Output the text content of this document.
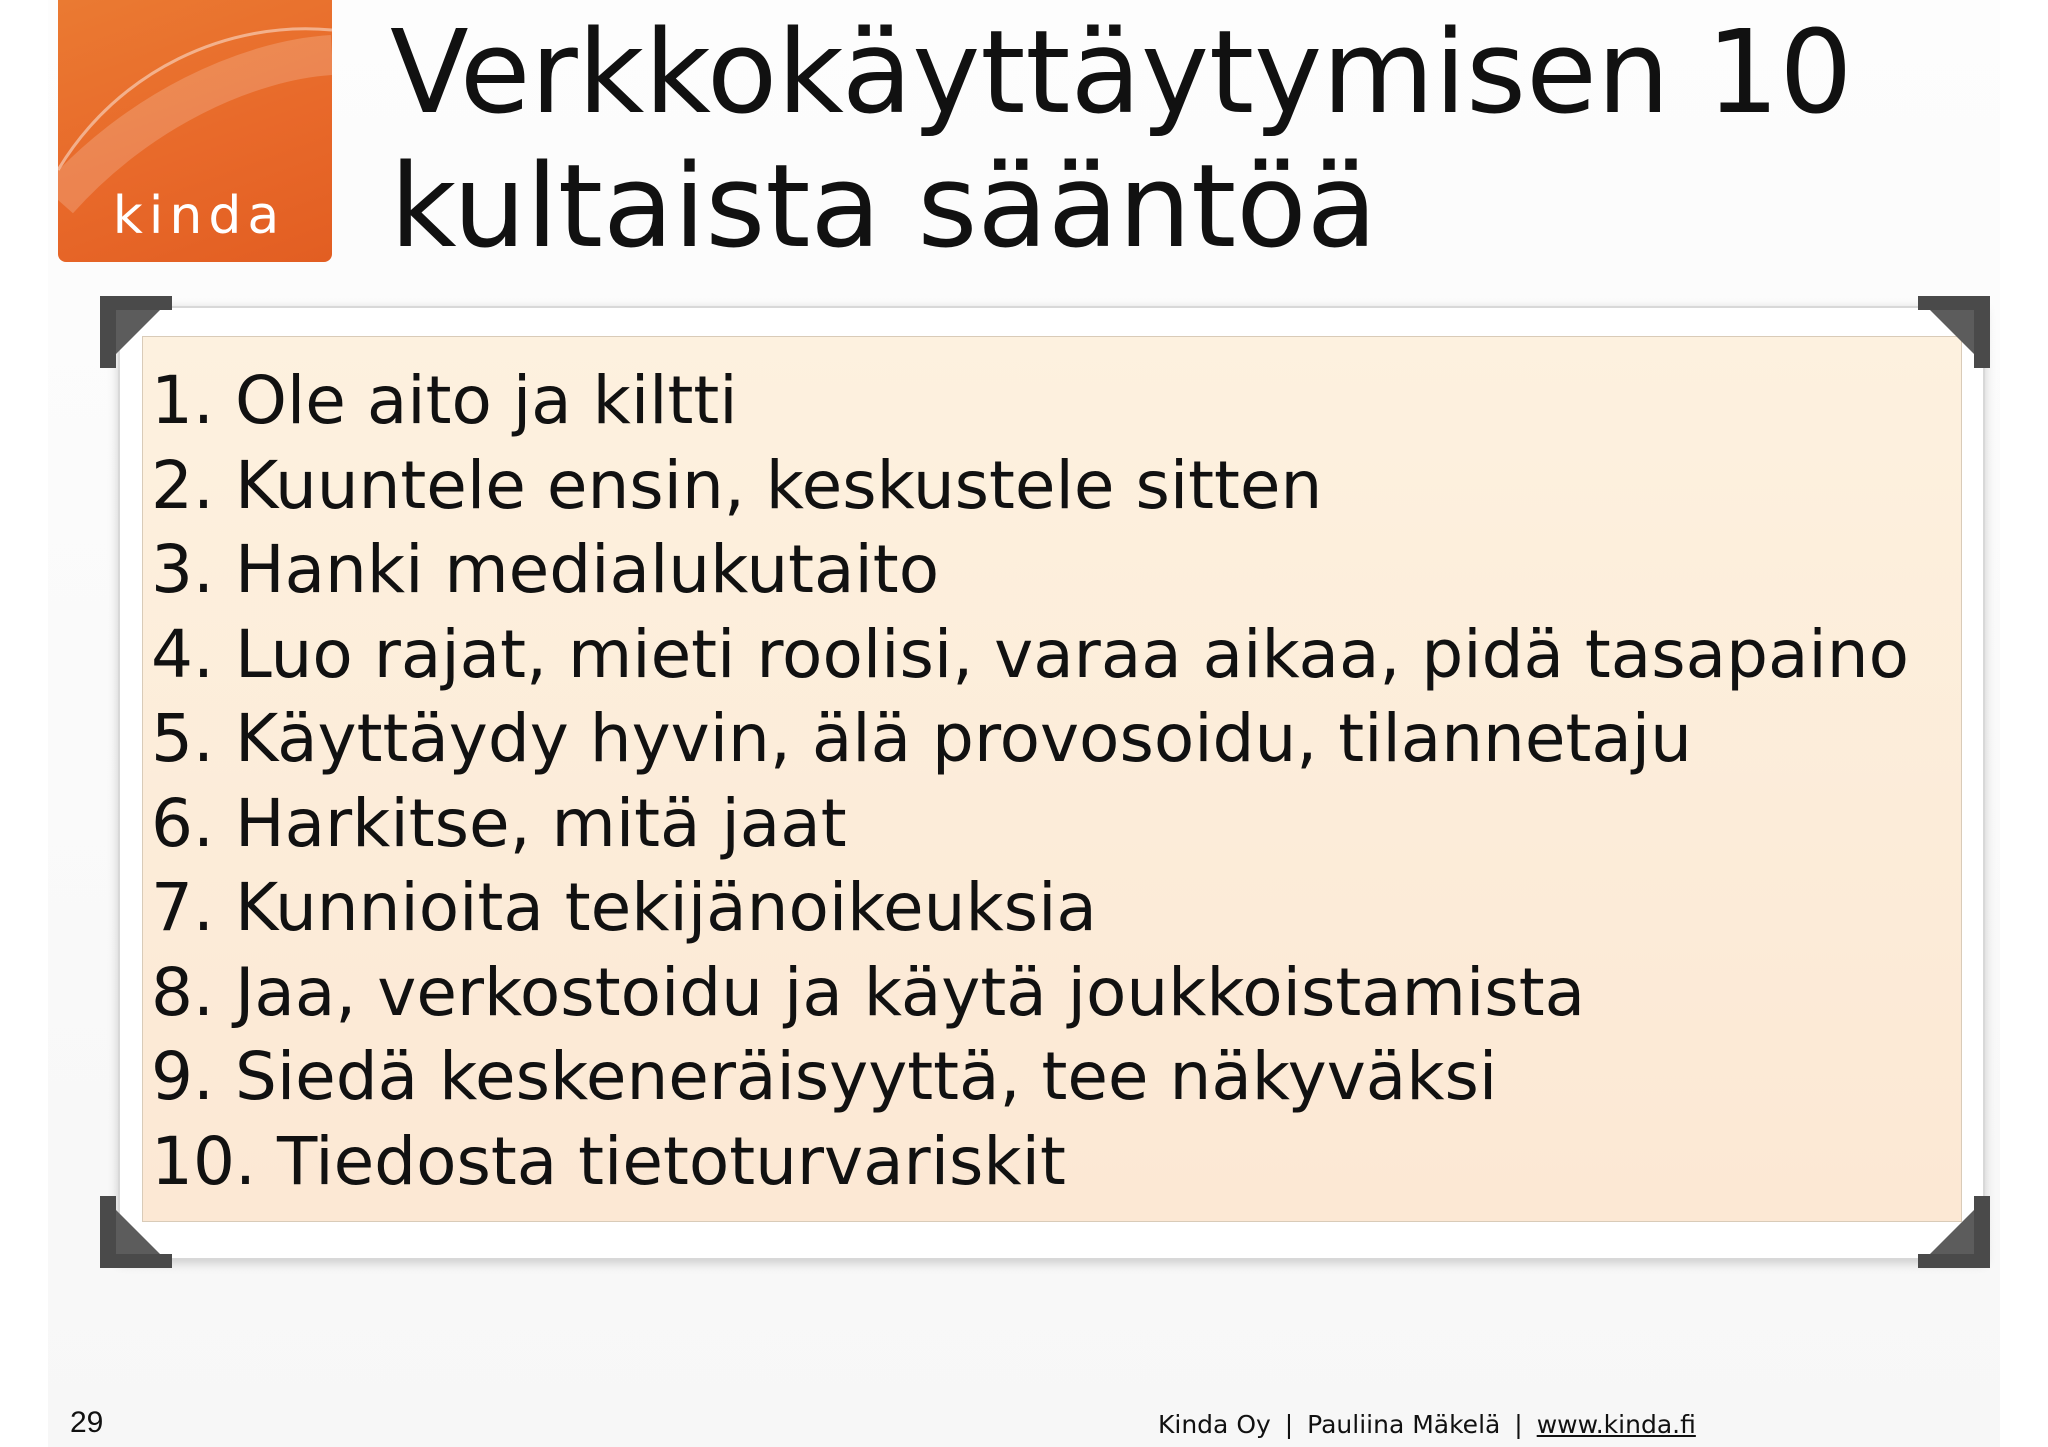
kinda
Verkkokäyttäytymisen 10
kultaista sääntöä
1. Ole aito ja kiltti
2. Kuuntele ensin, keskustele sitten
3. Hanki medialukutaito
4. Luo rajat, mieti roolisi, varaa aikaa, pidä tasapaino
5. Käyttäydy hyvin, älä provosoidu, tilannetaju
6. Harkitse, mitä jaat
7. Kunnioita tekijänoikeuksia
8. Jaa, verkostoidu ja käytä joukkoistamista
9. Siedä keskeneräisyyttä, tee näkyväksi
10. Tiedosta tietoturvariskit
29	Kinda Oy | Pauliina Mäkelä | www.kinda.fi
